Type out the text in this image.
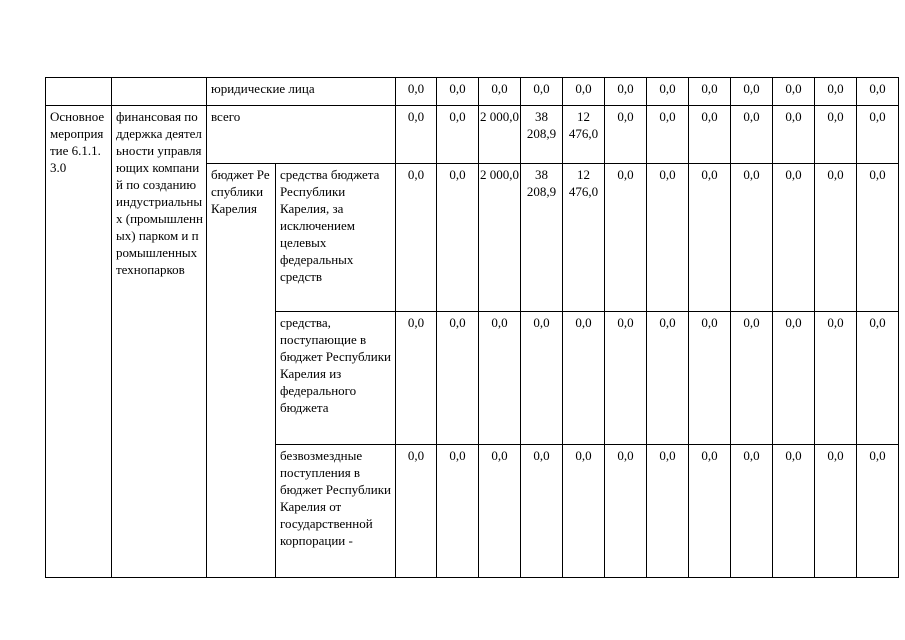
		юридические лица		0,0	0,0	0,0	0,0	0,0	0,0	0,0	0,0	0,0	0,0	0,0	0,0
Основное мероприятие 6.1.1.3.0	финансовая поддержка деятельности управляющих компаний по созданию индустриальных (промышленных) парком и промышленных технопарков	всего		0,0	0,0	2 000,0	38 208,9	12 476,0	0,0	0,0	0,0	0,0	0,0	0,0	0,0
		бюджет Республики Карелия	средства бюджета Республики Карелия, за исключением целевых федеральных средств	0,0	0,0	2 000,0	38 208,9	12 476,0	0,0	0,0	0,0	0,0	0,0	0,0	0,0
			средства, поступающие в бюджет Республики Карелия из федерального бюджета	0,0	0,0	0,0	0,0	0,0	0,0	0,0	0,0	0,0	0,0	0,0	0,0
			безвозмездные поступления в бюджет Республики Карелия от государственной корпорации -	0,0	0,0	0,0	0,0	0,0	0,0	0,0	0,0	0,0	0,0	0,0	0,0
